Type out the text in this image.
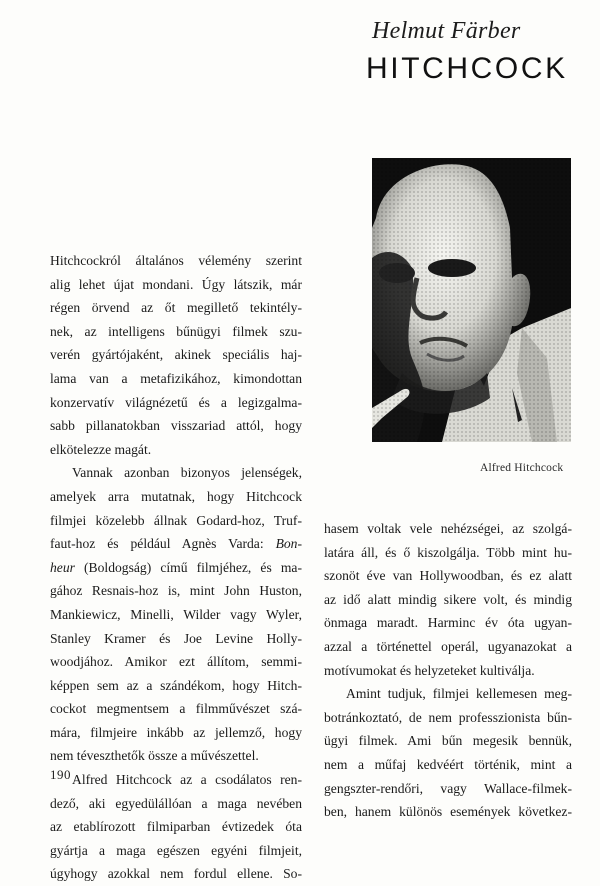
Helmut Färber
HITCHCOCK
Alfred Hitchcock
Hitchcockról általános vélemény szerint
alig lehet újat mondani. Úgy látszik, már
régen örvend az őt megillető tekintély-
nek, az intelligens bűnügyi filmek szu-
verén gyártójaként, akinek speciális haj-
lama van a metafizikához, kimondottan
konzervatív világnézetű és a legizgalma-
sabb pillanatokban visszariad attól, hogy
elkötelezze magát.
Vannak azonban bizonyos jelenségek,
amelyek arra mutatnak, hogy Hitchcock
filmjei közelebb állnak Godard-hoz, Truf-
faut-hoz és például Agnès Varda: Bon-
heur (Boldogság) című filmjéhez, és ma-
gához Resnais-hoz is, mint John Huston,
Mankiewicz, Minelli, Wilder vagy Wyler,
Stanley Kramer és Joe Levine Holly-
woodjához. Amikor ezt állítom, semmi-
képpen sem az a szándékom, hogy Hitch-
cockot megmentsem a filmművészet szá-
mára, filmjeire inkább az jellemző, hogy
nem téveszthetők össze a művészettel.
Alfred Hitchcock az a csodálatos ren-
dező, aki egyedülállóan a maga nevében
az etablírozott filmiparban évtizedek óta
gyártja a maga egészen egyéni filmjeit,
úgyhogy azokkal nem fordul ellene. So-
hasem voltak vele nehézségei, az szolgá-
latára áll, és ő kiszolgálja. Több mint hu-
szonöt éve van Hollywoodban, és ez alatt
az idő alatt mindig sikere volt, és mindig
önmaga maradt. Harminc év óta ugyan-
azzal a történettel operál, ugyanazokat a
motívumokat és helyzeteket kultiválja.
Amint tudjuk, filmjei kellemesen meg-
botránkoztató, de nem professzionista bűn-
ügyi filmek. Ami bűn megesik bennük,
nem a műfaj kedvéért történik, mint a
gengszter-rendőri, vagy Wallace-filmek-
ben, hanem különös események következ-
190
